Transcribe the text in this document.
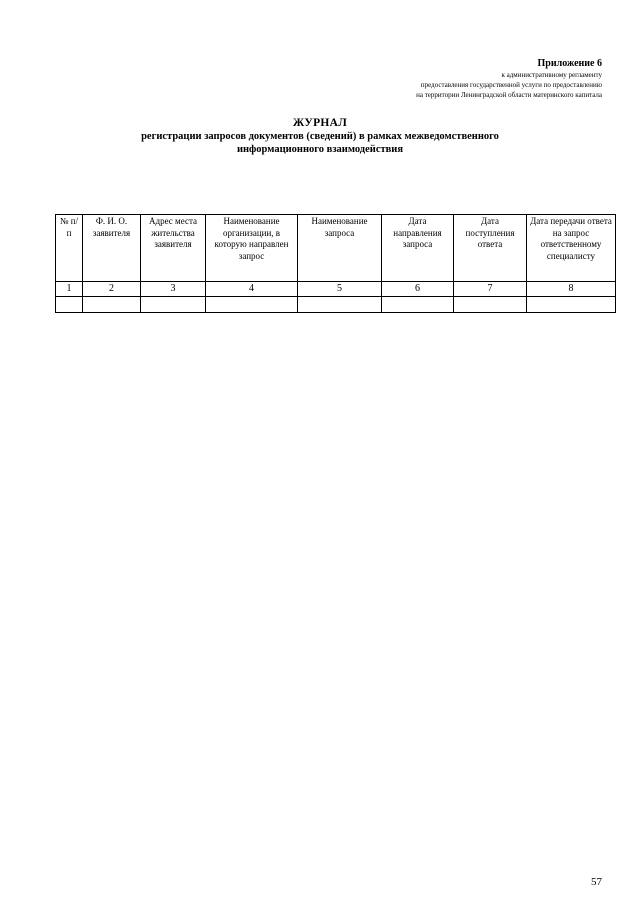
Приложение 6
к административному регламенту
предоставления государственной услуги по предоставлению
на территории Ленинградской области материнского капитала
ЖУРНАЛ
регистрации запросов документов (сведений) в рамках межведомственного
информационного взаимодействия
№ п/п	Ф. И. О. заявителя	Адрес места жительства заявителя	Наименование организации, в которую направлен запрос	Наименование запроса	Дата направления запроса	Дата поступления ответа	Дата передачи ответа на запрос ответственному специалисту
1	2	3	4	5	6	7	8

57
